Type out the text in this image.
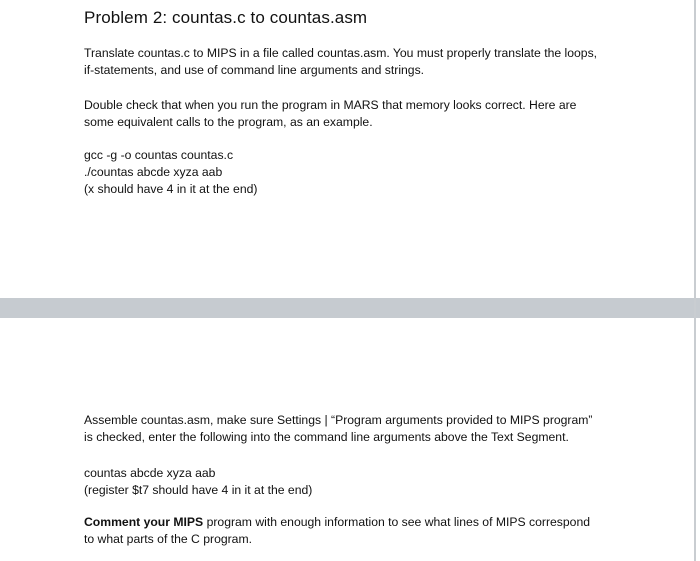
Problem 2: countas.c to countas.asm

Translate countas.c to MIPS in a file called countas.asm. You must properly translate the loops,
if-statements, and use of command line arguments and strings.

Double check that when you run the program in MARS that memory looks correct. Here are
some equivalent calls to the program, as an example.

gcc -g -o countas countas.c
./countas abcde xyza aab
(x should have 4 in it at the end)

Assemble countas.asm, make sure Settings | “Program arguments provided to MIPS program”
is checked, enter the following into the command line arguments above the Text Segment.

countas abcde xyza aab
(register $t7 should have 4 in it at the end)

Comment your MIPS program with enough information to see what lines of MIPS correspond
to what parts of the C program.
